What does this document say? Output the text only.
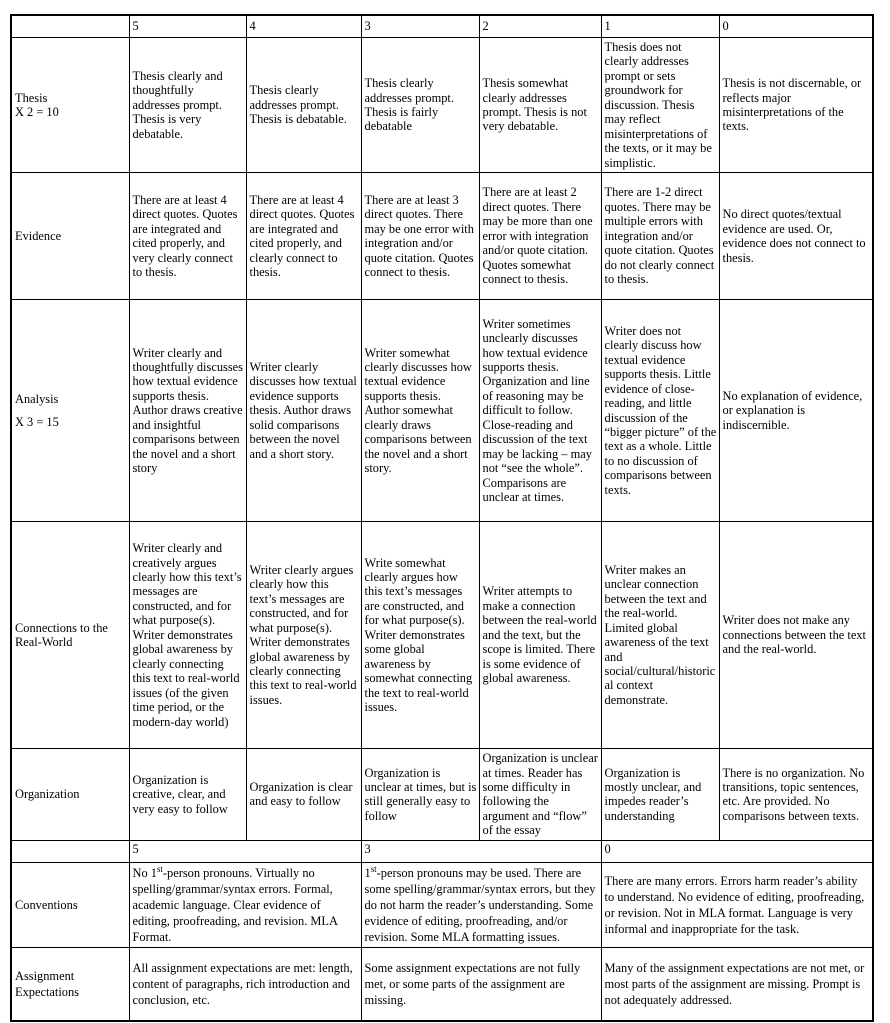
	5	4	3	2	1	0

Thesis
X 2 = 10	Thesis clearly and thoughtfully addresses prompt. Thesis is very debatable.	Thesis clearly addresses prompt. Thesis is debatable.	Thesis clearly addresses prompt. Thesis is fairly debatable	Thesis somewhat clearly addresses prompt. Thesis is not very debatable.	Thesis does not clearly addresses prompt or sets groundwork for discussion. Thesis may reflect misinterpretations of the texts, or it may be simplistic.	Thesis is not discernable, or reflects major misinterpretations of the texts.

Evidence	There are at least 4 direct quotes. Quotes are integrated and cited properly, and very clearly connect to thesis.	There are at least 4 direct quotes. Quotes are integrated and cited properly, and clearly connect to thesis.	There are at least 3 direct quotes. There may be one error with integration and/or quote citation. Quotes connect to thesis.	There are at least 2 direct quotes. There may be more than one error with integration and/or quote citation. Quotes somewhat connect to thesis.	There are 1-2 direct quotes. There may be multiple errors with integration and/or quote citation. Quotes do not clearly connect to thesis.	No direct quotes/textual evidence are used. Or, evidence does not connect to thesis.

Analysis
X 3 = 15
	Writer clearly and thoughtfully discusses how textual evidence supports thesis. Author draws creative and insightful comparisons between the novel and a short story	Writer clearly discusses how textual evidence supports thesis. Author draws solid comparisons between the novel and a short story.	Writer somewhat clearly discusses how textual evidence supports thesis. Author somewhat clearly draws comparisons between the novel and a short story.	Writer sometimes unclearly discusses how textual evidence supports thesis. Organization and line of reasoning may be difficult to follow. Close-reading and discussion of the text may be lacking – may not “see the whole”. Comparisons are unclear at times.	Writer does not clearly discuss how textual evidence supports thesis. Little evidence of close-reading, and little discussion of the “bigger picture” of the text as a whole. Little to no discussion of comparisons between texts.	No explanation of evidence, or explanation is indiscernible.

Connections to the
Real-World	Writer clearly and creatively argues clearly how this text’s messages are constructed, and for what purpose(s). Writer demonstrates global awareness by clearly connecting this text to real-world issues (of the given time period, or the modern-day world)	Writer clearly argues clearly how this text’s messages are constructed, and for what purpose(s). Writer demonstrates global awareness by clearly connecting this text to real-world issues.	Write somewhat clearly argues how this text’s messages are constructed, and for what purpose(s). Writer demonstrates some global awareness by somewhat connecting the text to real-world issues.	Writer attempts to make a connection between the real-world and the text, but the scope is limited. There is some evidence of global awareness.	Writer makes an unclear connection between the text and the real-world. Limited global awareness of the text and social/cultural/historical context demonstrate.	Writer does not make any connections between the text and the real-world.

Organization	Organization is creative, clear, and very easy to follow	Organization is clear and easy to follow	Organization is unclear at times, but is still generally easy to follow	Organization is unclear at times. Reader has some difficulty in following the argument and “flow” of the essay	Organization is mostly unclear, and impedes reader’s understanding	There is no organization. No transitions, topic sentences, etc. Are provided. No comparisons between texts.
	5		3		0	

Conventions	No 1st-person pronouns. Virtually no spelling/grammar/syntax errors. Formal, academic language. Clear evidence of editing, proofreading, and revision. MLA Format.		1st-person pronouns may be used. There are some spelling/grammar/syntax errors, but they do not harm the reader’s understanding. Some evidence of editing, proofreading, and/or revision. Some MLA formatting issues.		There are many errors. Errors harm reader’s ability to understand. No evidence of editing, proofreading, or revision. Not in MLA format. Language is very informal and inappropriate for the task.	

Assignment
Expectations	All assignment expectations are met: length, content of paragraphs, rich introduction and conclusion, etc.		Some assignment expectations are not fully met, or some parts of the assignment are missing.		Many of the assignment expectations are not met, or most parts of the assignment are missing. Prompt is not adequately addressed.	
